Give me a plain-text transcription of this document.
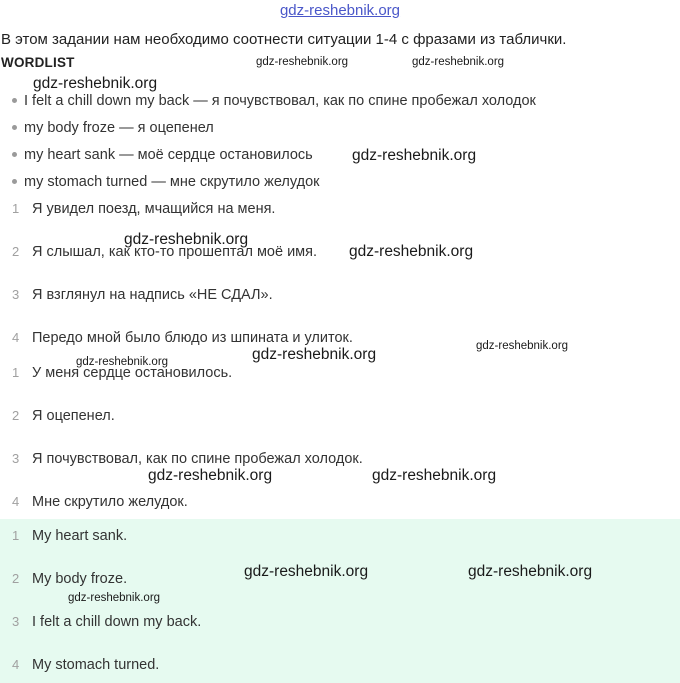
gdz-reshebnik.org
В этом задании нам необходимо соотнести ситуации 1-4 с фразами из таблички.
WORDLIST
I felt a chill down my back — я почувствовал, как по спине пробежал холодок
my body froze — я оцепенел
my heart sank — моё сердце остановилось
my stomach turned — мне скрутило желудок
1 Я увидел поезд, мчащийся на меня.
2 Я слышал, как кто-то прошептал моё имя.
3 Я взглянул на надпись «НЕ СДАЛ».
4 Передо мной было блюдо из шпината и улиток.
1 У меня сердце остановилось.
2 Я оцепенел.
3 Я почувствовал, как по спине пробежал холодок.
4 Мне скрутило желудок.
1 My heart sank.
2 My body froze.
3 I felt a chill down my back.
4 My stomach turned.
gdz-reshebnik.org	gdz-reshebnik.org
gdz-reshebnik.org
gdz-reshebnik.org
gdz-reshebnik.org
gdz-reshebnik.org
gdz-reshebnik.org
gdz-reshebnik.org
gdz-reshebnik.org
gdz-reshebnik.org	gdz-reshebnik.org
gdz-reshebnik.org	gdz-reshebnik.org
gdz-reshebnik.org
